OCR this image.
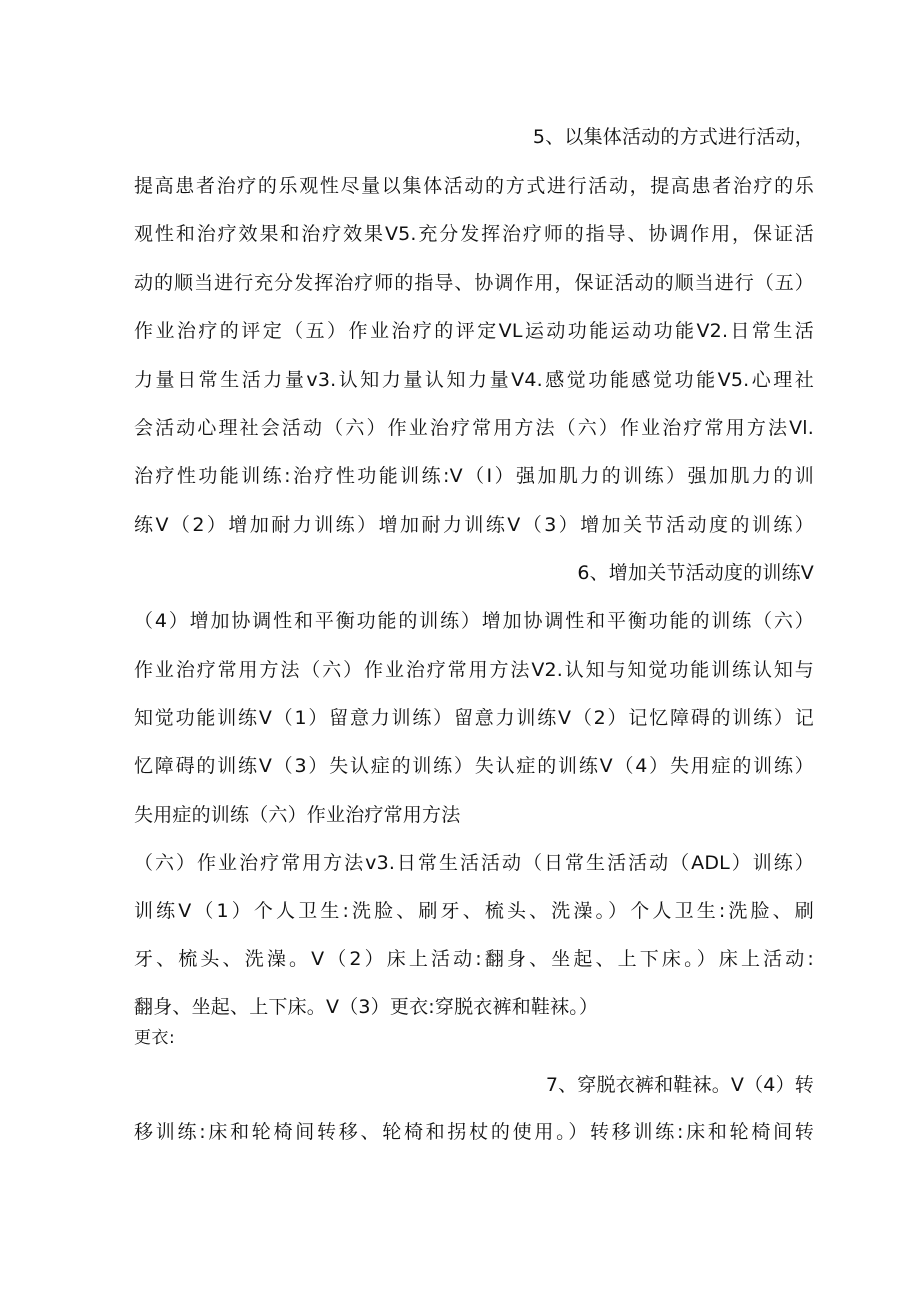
5、以集体活动的方式进行活动，
提高患者治疗的乐观性尽量以集体活动的方式进行活动，提高患者治疗的乐
观性和治疗效果和治疗效果V5.充分发挥治疗师的指导、协调作用，保证活
动的顺当进行充分发挥治疗师的指导、协调作用，保证活动的顺当进行（五）
作业治疗的评定（五）作业治疗的评定VL运动功能运动功能V2.日常生活
力量日常生活力量v3.认知力量认知力量V4.感觉功能感觉功能V5.心理社
会活动心理社会活动（六）作业治疗常用方法（六）作业治疗常用方法Vl.
治疗性功能训练:治疗性功能训练:V（I）强加肌力的训练）强加肌力的训
练V（2）增加耐力训练）增加耐力训练V（3）增加关节活动度的训练）
6、增加关节活动度的训练V
（4）增加协调性和平衡功能的训练）增加协调性和平衡功能的训练（六）
作业治疗常用方法（六）作业治疗常用方法V2.认知与知觉功能训练认知与
知觉功能训练V（1）留意力训练）留意力训练V（2）记忆障碍的训练）记
忆障碍的训练V（3）失认症的训练）失认症的训练V（4）失用症的训练）
失用症的训练（六）作业治疗常用方法
（六）作业治疗常用方法v3.日常生活活动（日常生活活动（ADL）训练）
训练V（1）个人卫生:洗脸、刷牙、梳头、洗澡。）个人卫生:洗脸、刷
牙、梳头、洗澡。V（2）床上活动:翻身、坐起、上下床。）床上活动:
翻身、坐起、上下床。V（3）更衣:穿脱衣裤和鞋袜。）
更衣:
7、穿脱衣裤和鞋袜。V（4）转
移训练:床和轮椅间转移、轮椅和拐杖的使用。）转移训练:床和轮椅间转
